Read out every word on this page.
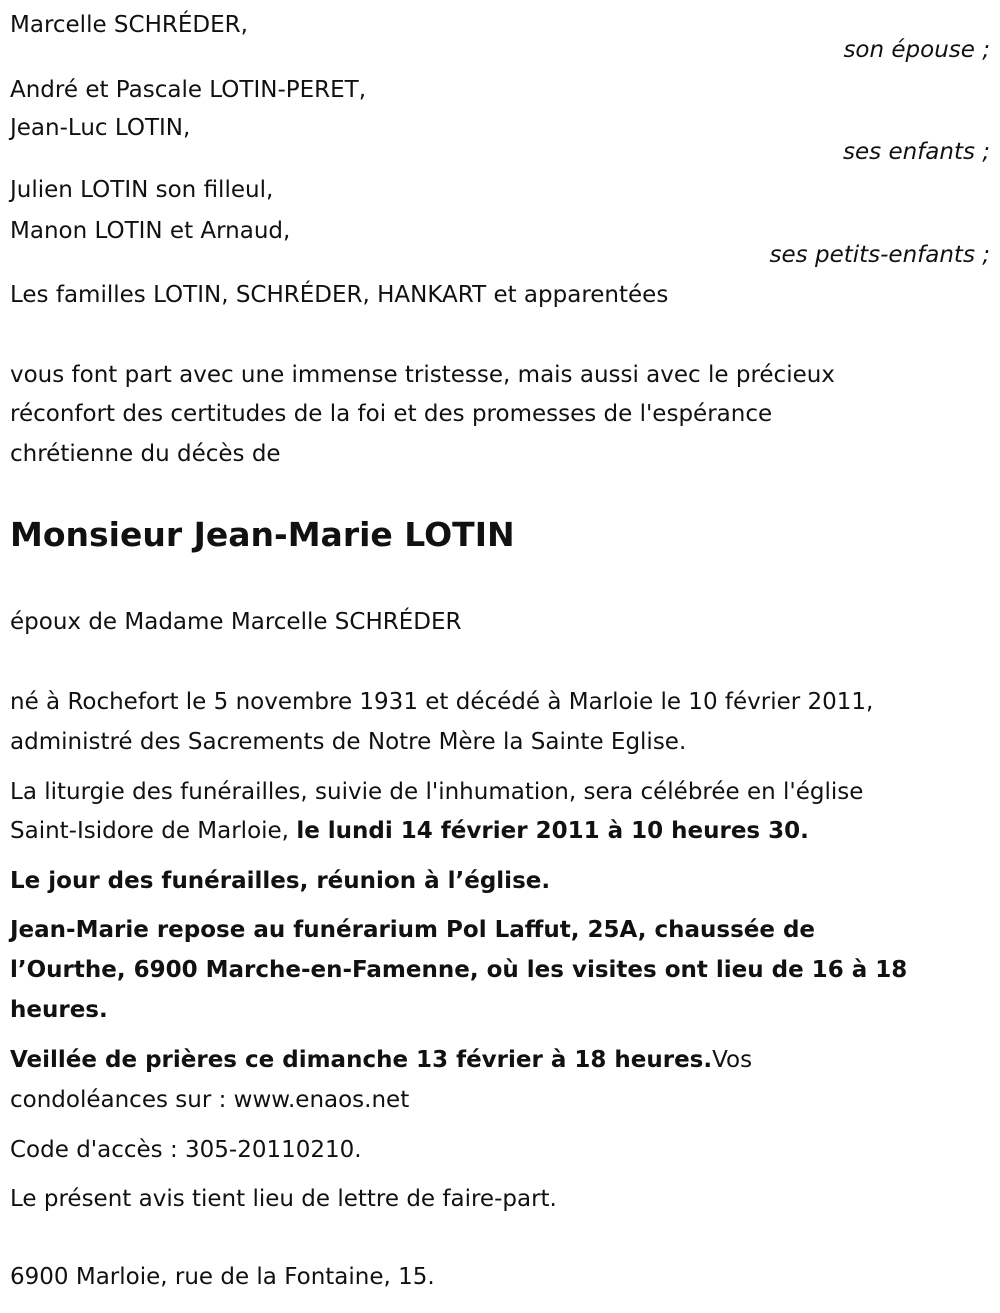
Marcelle SCHRÉDER,
son épouse ;
André et Pascale LOTIN-PERET,
Jean-Luc LOTIN,
ses enfants ;
Julien LOTIN son filleul,
Manon LOTIN et Arnaud,
ses petits-enfants ;
Les familles LOTIN, SCHRÉDER, HANKART et apparentées
vous font part avec une immense tristesse, mais aussi avec le précieux
réconfort des certitudes de la foi et des promesses de l'espérance
chrétienne du décès de
Monsieur Jean-Marie LOTIN
époux de Madame Marcelle SCHRÉDER
né à Rochefort le 5 novembre 1931 et décédé à Marloie le 10 février 2011,
administré des Sacrements de Notre Mère la Sainte Eglise.
La liturgie des funérailles, suivie de l'inhumation, sera célébrée en l'église
Saint-Isidore de Marloie, le lundi 14 février 2011 à 10 heures 30.
Le jour des funérailles, réunion à l’église.
Jean-Marie repose au funérarium Pol Laffut, 25A, chaussée de
l’Ourthe, 6900 Marche-en-Famenne, où les visites ont lieu de 16 à 18
heures.
Veillée de prières ce dimanche 13 février à 18 heures.Vos
condoléances sur : www.enaos.net
Code d'accès : 305-20110210.
Le présent avis tient lieu de lettre de faire-part.
6900 Marloie, rue de la Fontaine, 15.
